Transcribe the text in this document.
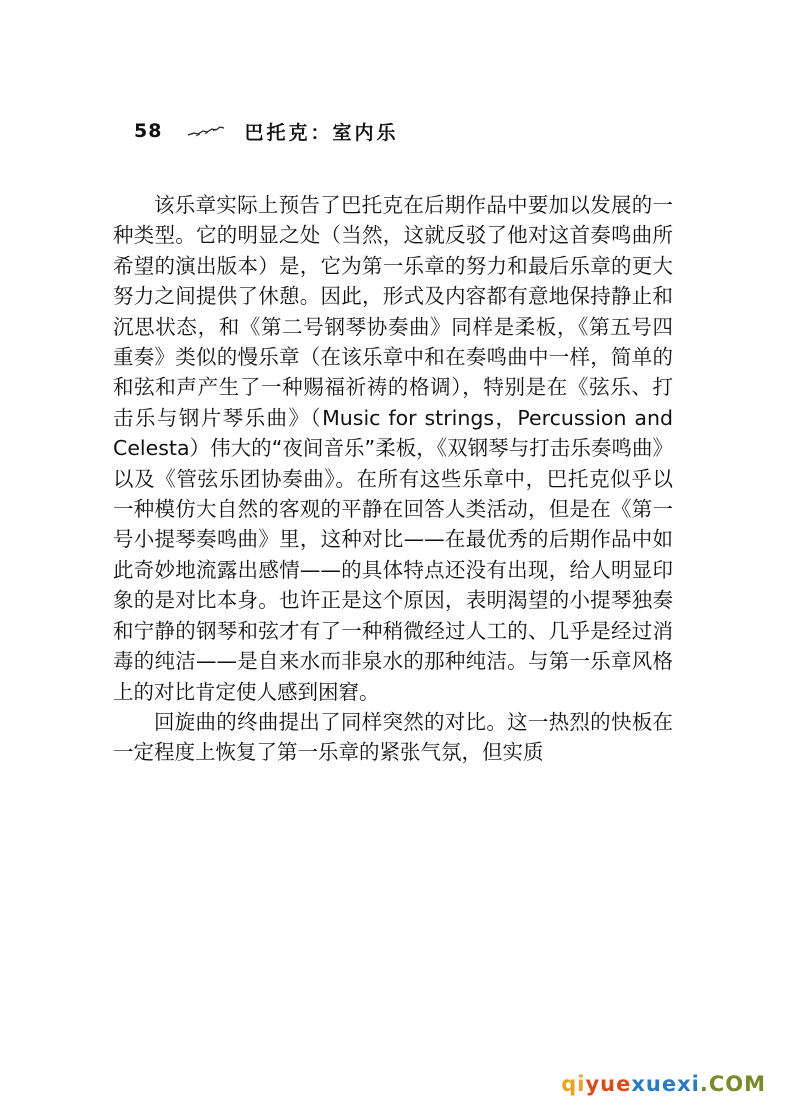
58	巴托克：室内乐

该乐章实际上预告了巴托克在后期作品中要加以发展的一种类型。它的明显之处（当然，这就反驳了他对这首奏鸣曲所希望的演出版本）是，它为第一乐章的努力和最后乐章的更大努力之间提供了休憩。因此，形式及内容都有意地保持静止和沉思状态，和《第二号钢琴协奏曲》同样是柔板，《第五号四重奏》类似的慢乐章（在该乐章中和在奏鸣曲中一样，简单的和弦和声产生了一种赐福祈祷的格调），特别是在《弦乐、打击乐与钢片琴乐曲》（Music for strings，Percussion and Celesta）伟大的“夜间音乐”柔板，《双钢琴与打击乐奏鸣曲》以及《管弦乐团协奏曲》。在所有这些乐章中，巴托克似乎以一种模仿大自然的客观的平静在回答人类活动，但是在《第一号小提琴奏鸣曲》里，这种对比——在最优秀的后期作品中如此奇妙地流露出感情——的具体特点还没有出现，给人明显印象的是对比本身。也许正是这个原因，表明渴望的小提琴独奏和宁静的钢琴和弦才有了一种稍微经过人工的、几乎是经过消毒的纯洁——是自来水而非泉水的那种纯洁。与第一乐章风格上的对比肯定使人感到困窘。

回旋曲的终曲提出了同样突然的对比。这一热烈的快板在一定程度上恢复了第一乐章的紧张气氛，但实质

qi yue xuexi .COM
